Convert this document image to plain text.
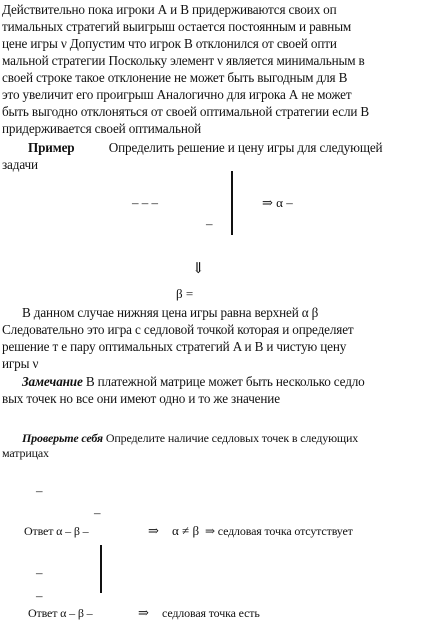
Действительно пока игроки А и В придерживаются своих оп
тимальных стратегий выигрыш остается постоянным и равным
цене игры ν Допустим что игрок В отклонился от своей опти
мальной стратегии Поскольку элемент ν является минимальным в
своей строке такое отклонение не может быть выгодным для В
это увеличит его проигрыш Аналогично для игрока А не может
быть выгодно отклоняться от своей оптимальной стратегии если В
придерживается своей оптимальной
Пример	Определить решение и цену игры для следующей
задачи
– – –
–
⇒ α –
⇓
β =
В данном случае нижняя цена игры равна верхней α β
Следовательно это игра с седловой точкой которая и определяет
решение т е пару оптимальных стратегий A и B и чистую цену
игры ν
Замечание В платежной матрице может быть несколько седло
вых точек но все они имеют одно и то же значение
Проверьте себя Определите наличие седловых точек в следующих
матрицах
–
–
Ответ α – β –	⇒ α ≠ β ⇒ седловая точка отсутствует
–
–
Ответ α – β –	⇒ седловая точка есть
